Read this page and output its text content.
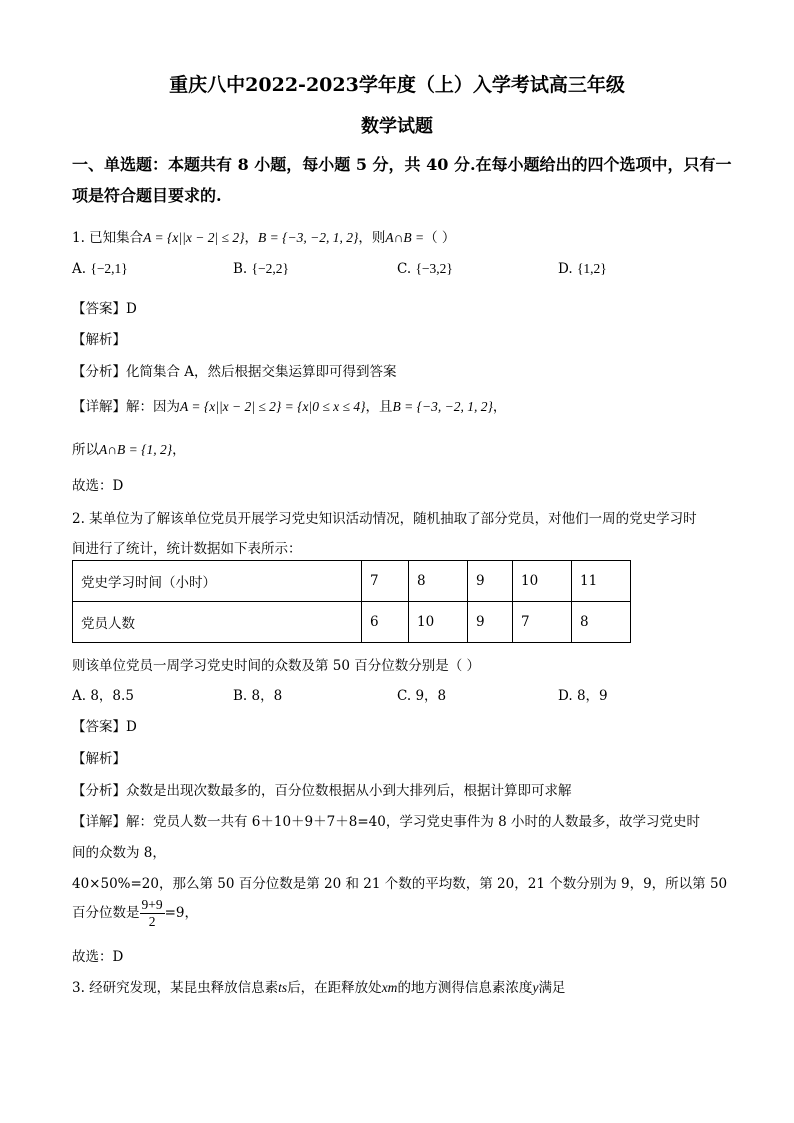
重庆八中2022-2023学年度（上）入学考试高三年级
数学试题
一、单选题：本题共有 8 小题，每小题 5 分，共 40 分.在每小题给出的四个选项中，只有一
项是符合题目要求的.
1. 已知集合A = {x||x − 2| ≤ 2}，B = {−3, −2, 1, 2}，则A∩B =（ ）
A. {−2,1}	B. {−2,2}	C. {−3,2}	D. {1,2}
【答案】D
【解析】
【分析】化简集合 A，然后根据交集运算即可得到答案
【详解】解：因为A = {x||x − 2| ≤ 2} = {x|0 ≤ x ≤ 4}，且B = {−3, −2, 1, 2}，
所以A∩B = {1, 2}，
故选：D
2. 某单位为了解该单位党员开展学习党史知识活动情况，随机抽取了部分党员，对他们一周的党史学习时
间进行了统计，统计数据如下表所示：
党史学习时间（小时）	7	8	9	10	11
党员人数	6	10	9	7	8
则该单位党员一周学习党史时间的众数及第 50 百分位数分别是（ ）
A. 8，8.5	B. 8，8	C. 9，8	D. 8，9
【答案】D
【解析】
【分析】众数是出现次数最多的，百分位数根据从小到大排列后，根据计算即可求解
【详解】解：党员人数一共有 6＋10＋9＋7＋8=40，学习党史事件为 8 小时的人数最多，故学习党史时
间的众数为 8，
40×50%=20，那么第 50 百分位数是第 20 和 21 个数的平均数，第 20，21 个数分别为 9，9，所以第 50
百分位数是 $\frac{9+9}{2} =9$，
故选：D
3. 经研究发现，某昆虫释放信息素ts后，在距释放处xm的地方测得信息素浓度y满足
